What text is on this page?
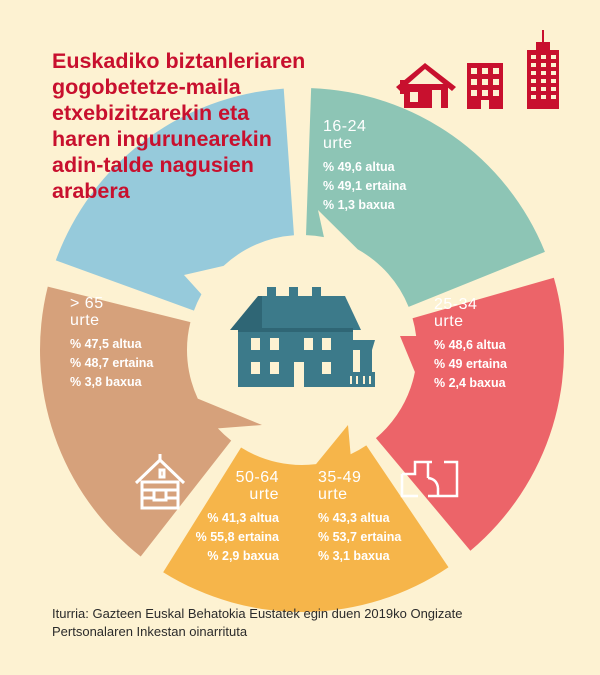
Euskadiko biztanleriaren
gogobetetze-maila
etxebizitzarekin eta
haren ingurunearekin
adin-talde nagusien
arabera
16-24
urte
% 49,6 altua
% 49,1 ertaina
% 1,3 baxua
25-34
urte
% 48,6 altua
% 49 ertaina
% 2,4 baxua
35-49
urte
% 43,3 altua
% 53,7 ertaina
% 3,1 baxua
50-64
urte
% 41,3 altua
% 55,8 ertaina
% 2,9 baxua
> 65
urte
% 47,5 altua
% 48,7 ertaina
% 3,8 baxua
Iturria: Gazteen Euskal Behatokia Eustatek egin duen 2019ko Ongizate
Pertsonalaren Inkestan oinarrituta
